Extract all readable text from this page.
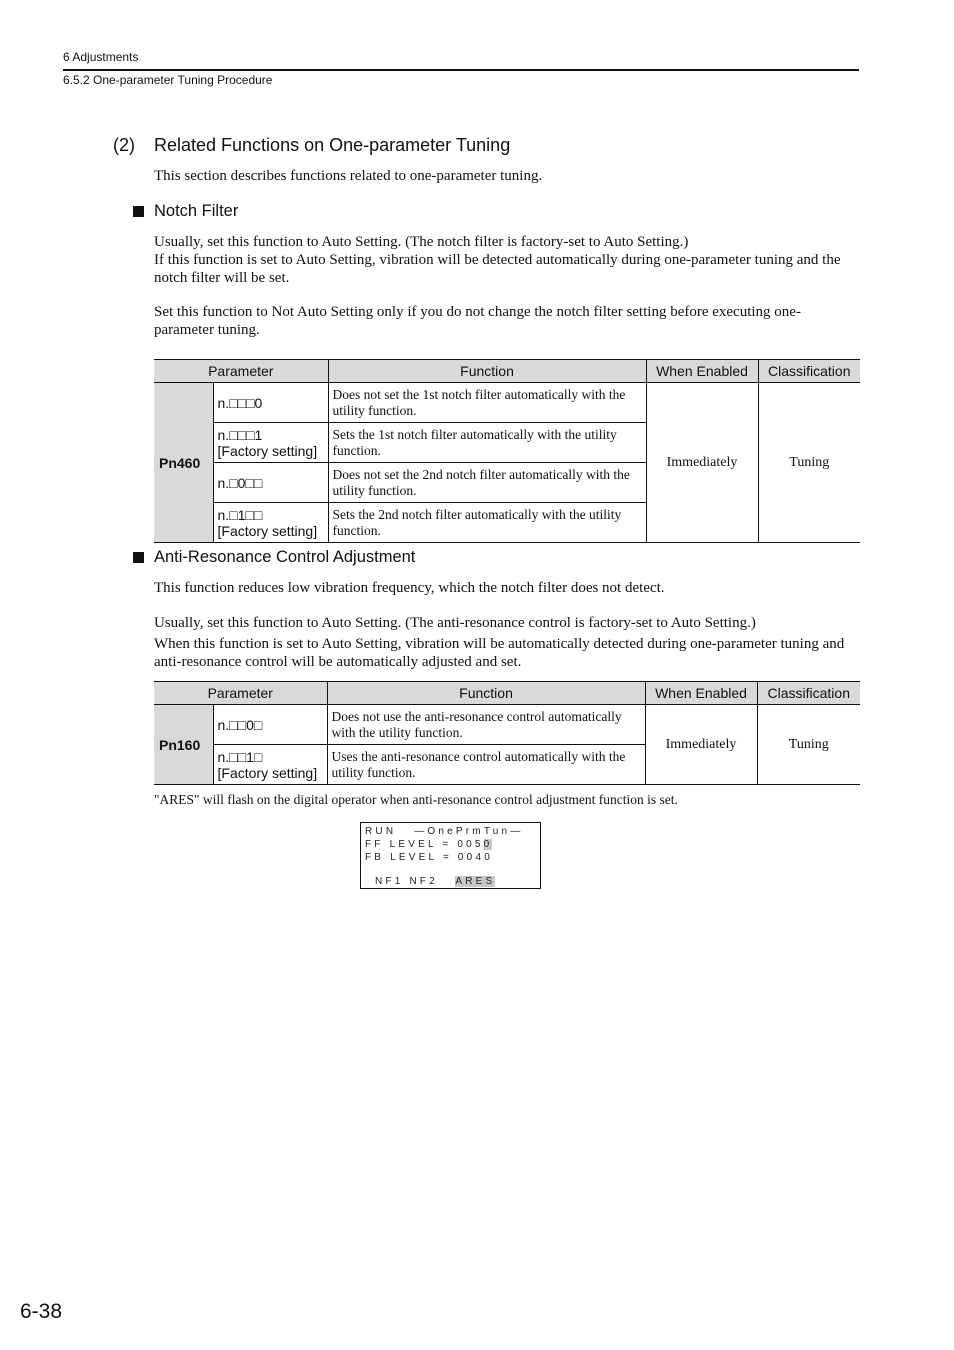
6 Adjustments
6.5.2 One-parameter Tuning Procedure
(2) Related Functions on One-parameter Tuning
This section describes functions related to one-parameter tuning.
Notch Filter
Usually, set this function to Auto Setting. (The notch filter is factory-set to Auto Setting.)
If this function is set to Auto Setting, vibration will be detected automatically during one-parameter tuning and the notch filter will be set.
Set this function to Not Auto Setting only if you do not change the notch filter setting before executing one-parameter tuning.
Parameter		Function	When Enabled	Classification
Pn460	n.□□□0	Does not set the 1st notch filter automatically with the utility function.	Immediately	Tuning

	n.□□□1
[Factory setting]	Sets the 1st notch filter automatically with the utility function.		

	n.□0□□	Does not set the 2nd notch filter automatically with the utility function.		

	n.□1□□
[Factory setting]	Sets the 2nd notch filter automatically with the utility function.		
Anti-Resonance Control Adjustment
This function reduces low vibration frequency, which the notch filter does not detect.
Usually, set this function to Auto Setting. (The anti-resonance control is factory-set to Auto Setting.)
When this function is set to Auto Setting, vibration will be automatically detected during one-parameter tuning and anti-resonance control will be automatically adjusted and set.
Parameter		Function	When Enabled	Classification
Pn160	n.□□0□	Does not use the anti-resonance control automatically with the utility function.	Immediately	Tuning

	n.□□1□
[Factory setting]	Uses the anti-resonance control automatically with the utility function.		
"ARES" will flash on the digital operator when anti-resonance control adjustment function is set.
RUN —OnePrmTun—
FF LEVEL = 0050
FB LEVEL = 0040
NF1 NF2 ARES
6-38
